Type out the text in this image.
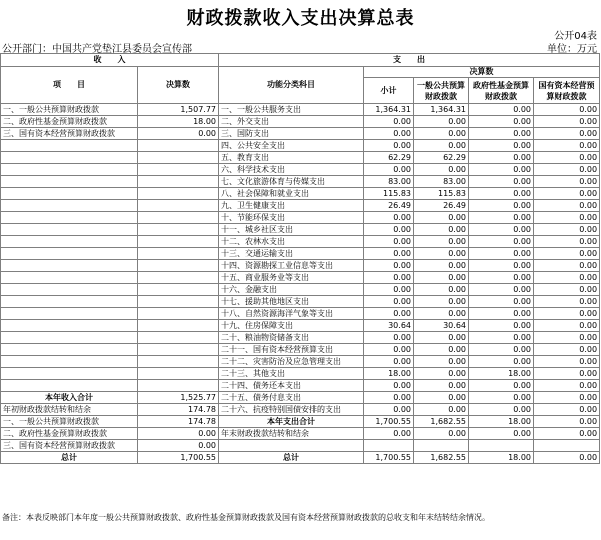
财政拨款收入支出决算总表
公开04表
公开部门：中国共产党垫江县委员会宣传部	单位：万元
收　　入		支　　出				
项　　目	决算数	功能分类科目	决算数			
			小计	一般公共预算财政拨款	政府性基金预算财政拨款	国有资本经营预算财政拨款
一、一般公共预算财政拨款	1,507.77	一、一般公共服务支出	1,364.31	1,364.31	0.00	0.00
二、政府性基金预算财政拨款	18.00	二、外交支出	0.00	0.00	0.00	0.00
三、国有资本经营预算财政拨款	0.00	三、国防支出	0.00	0.00	0.00	0.00
		四、公共安全支出	0.00	0.00	0.00	0.00
		五、教育支出	62.29	62.29	0.00	0.00
		六、科学技术支出	0.00	0.00	0.00	0.00
		七、文化旅游体育与传媒支出	83.00	83.00	0.00	0.00
		八、社会保障和就业支出	115.83	115.83	0.00	0.00
		九、卫生健康支出	26.49	26.49	0.00	0.00
		十、节能环保支出	0.00	0.00	0.00	0.00
		十一、城乡社区支出	0.00	0.00	0.00	0.00
		十二、农林水支出	0.00	0.00	0.00	0.00
		十三、交通运输支出	0.00	0.00	0.00	0.00
		十四、资源勘探工业信息等支出	0.00	0.00	0.00	0.00
		十五、商业服务业等支出	0.00	0.00	0.00	0.00
		十六、金融支出	0.00	0.00	0.00	0.00
		十七、援助其他地区支出	0.00	0.00	0.00	0.00
		十八、自然资源海洋气象等支出	0.00	0.00	0.00	0.00
		十九、住房保障支出	30.64	30.64	0.00	0.00
		二十、粮油物资储备支出	0.00	0.00	0.00	0.00
		二十一、国有资本经营预算支出	0.00	0.00	0.00	0.00
		二十二、灾害防治及应急管理支出	0.00	0.00	0.00	0.00
		二十三、其他支出	18.00	0.00	18.00	0.00
		二十四、债务还本支出	0.00	0.00	0.00	0.00
本年收入合计	1,525.77	二十五、债务付息支出	0.00	0.00	0.00	0.00
年初财政拨款结转和结余	174.78	二十六、抗疫特别国债安排的支出	0.00	0.00	0.00	0.00
一、一般公共预算财政拨款	174.78	本年支出合计	1,700.55	1,682.55	18.00	0.00
二、政府性基金预算财政拨款	0.00	年末财政拨款结转和结余	0.00	0.00	0.00	0.00
三、国有资本经营预算财政拨款	0.00					
总计	1,700.55	总计	1,700.55	1,682.55	18.00	0.00
备注：本表反映部门本年度一般公共预算财政拨款、政府性基金预算财政拨款及国有资本经营预算财政拨款的总收支和年末结转结余情况。
